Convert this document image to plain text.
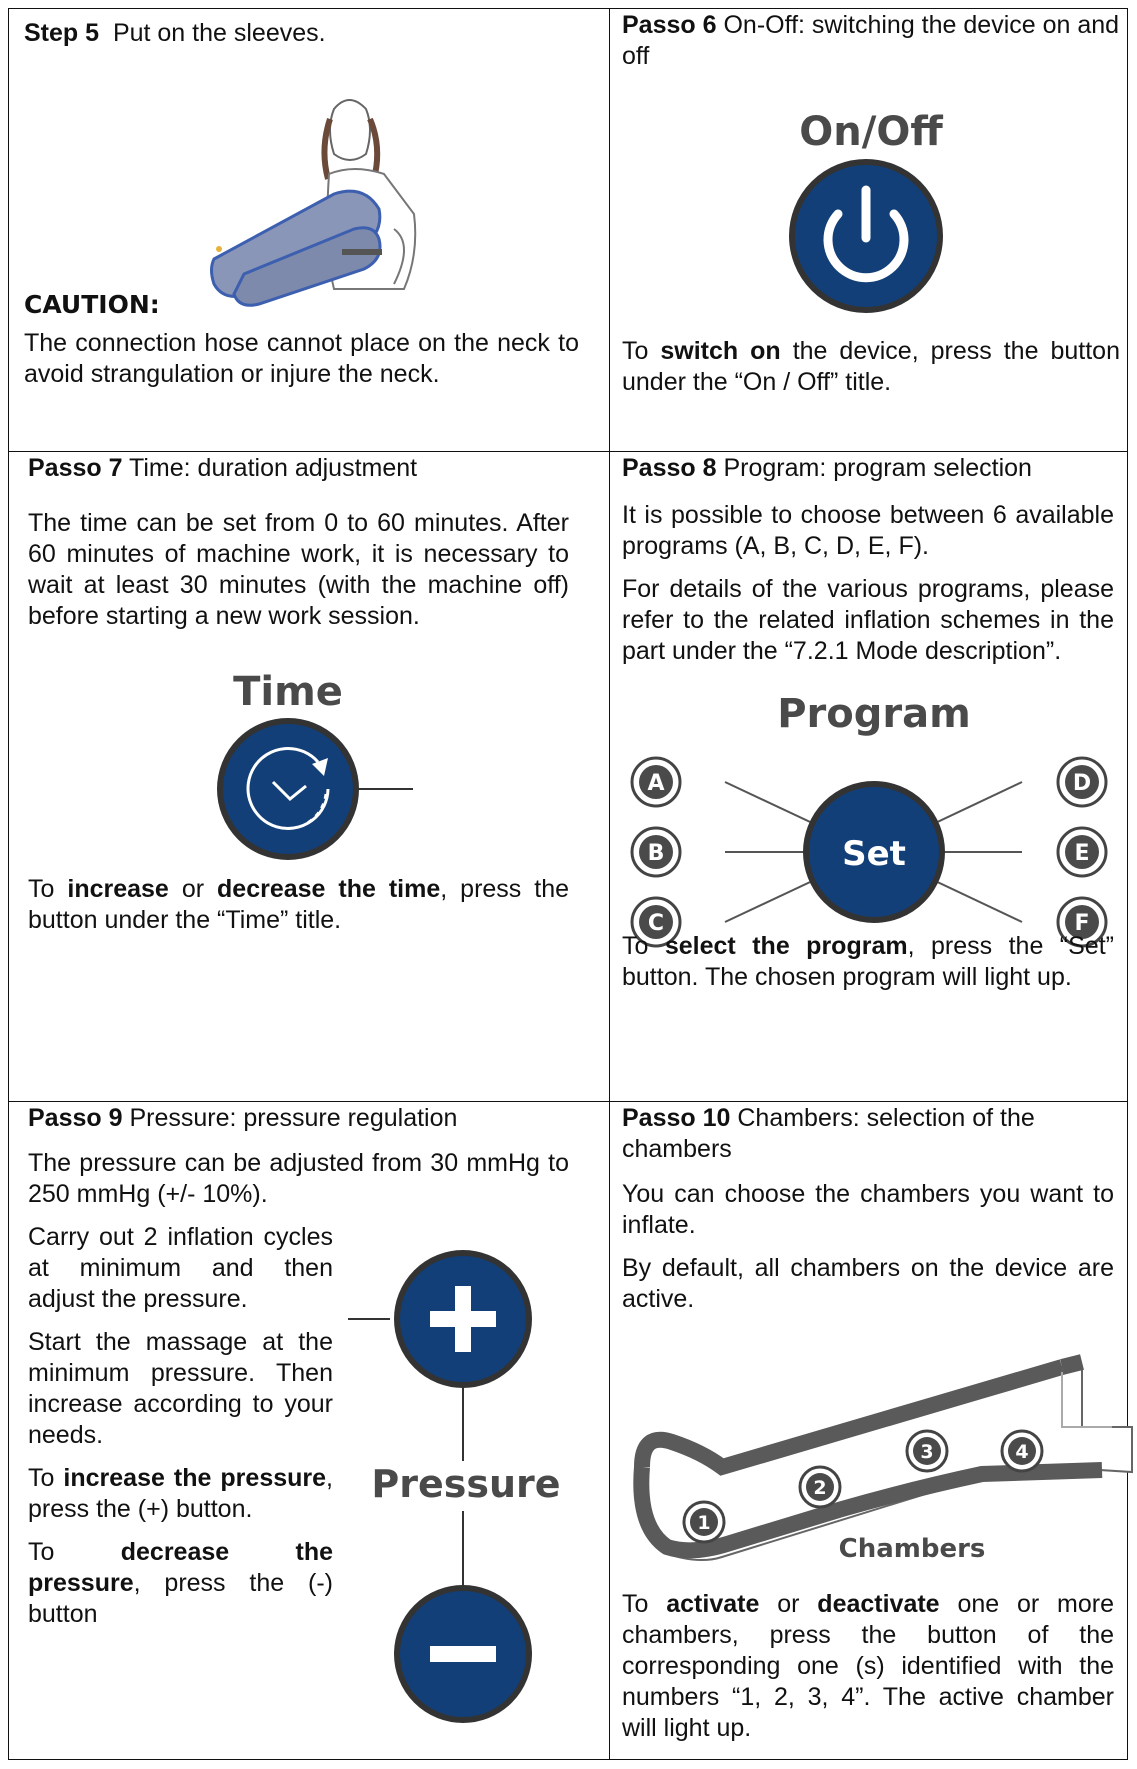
Step 5 Put on the sleeves.
CAUTION:

The connection hose cannot place on the neck to avoid strangulation or injure the neck.

Passo 6 On-Off: switching the device on and off
On/Off

To switch on the device, press the button under the “On / Off” title.

Passo 7 Time: duration adjustment

The time can be set from 0 to 60 minutes. After 60 minutes of machine work, it is necessary to wait at least 30 minutes (with the machine off) before starting a new work session.

Time

To increase or decrease the time, press the button under the “Time” title.

Passo 8 Program: program selection

It is possible to choose between 6 available programs (A, B, C, D, E, F).

For details of the various programs, please refer to the related inflation schemes in the part under the “7.2.1 Mode description”.

Program
Set
A
B
C
D
E
F

To select the program, press the “Set” button. The chosen program will light up.

Passo 9 Pressure: pressure regulation

The pressure can be adjusted from 30 mmHg to 250 mmHg (+/- 10%).

Carry out 2 inflation cycles at minimum and then adjust the pressure.

Start the massage at the minimum pressure. Then increase according to your needs.

To increase the pressure, press the (+) button.

To	decrease the pressure, press the (-) button

Pressure
Passo 10 Chambers: selection of the chambers

You can choose the chambers you want to inflate.

By default, all chambers on the device are active.

1
2
3	4
Chambers

To activate or deactivate one or more chambers, press the button of the corresponding one (s) identified with the numbers “1, 2, 3, 4”. The active chamber will light up.
